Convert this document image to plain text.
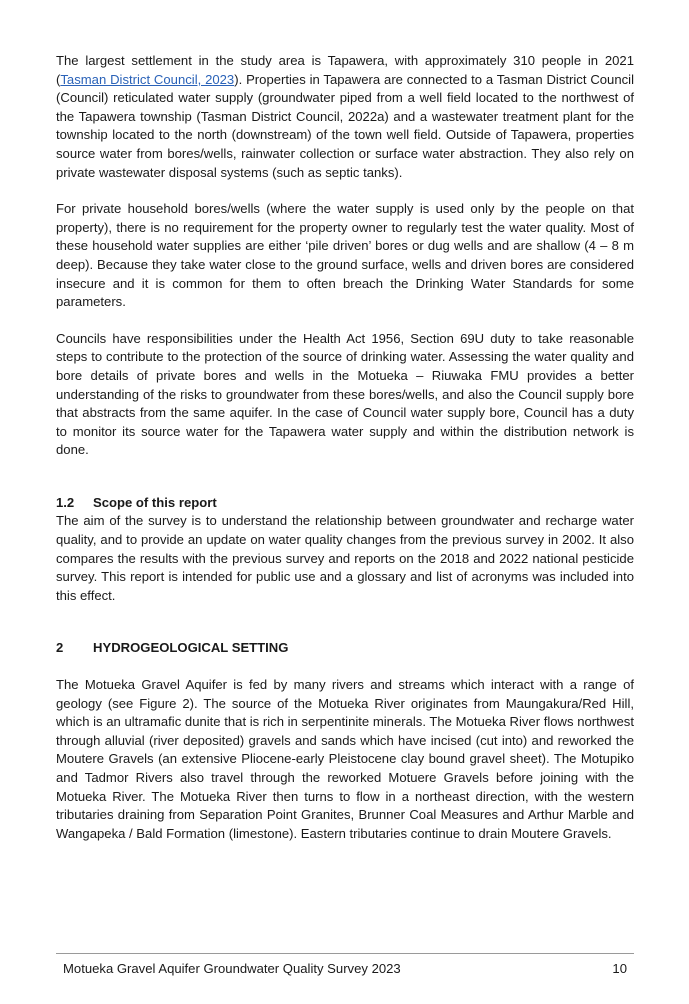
The largest settlement in the study area is Tapawera, with approximately 310 people in 2021 (Tasman District Council, 2023). Properties in Tapawera are connected to a Tasman District Council (Council) reticulated water supply (groundwater piped from a well field located to the northwest of the Tapawera township (Tasman District Council, 2022a) and a wastewater treatment plant for the township located to the north (downstream) of the town well field. Outside of Tapawera, properties source water from bores/wells, rainwater collection or surface water abstraction. They also rely on private wastewater disposal systems (such as septic tanks).

For private household bores/wells (where the water supply is used only by the people on that property), there is no requirement for the property owner to regularly test the water quality. Most of these household water supplies are either ‘pile driven’ bores or dug wells and are shallow (4 – 8 m deep). Because they take water close to the ground surface, wells and driven bores are considered insecure and it is common for them to often breach the Drinking Water Standards for some parameters.

Councils have responsibilities under the Health Act 1956, Section 69U duty to take reasonable steps to contribute to the protection of the source of drinking water. Assessing the water quality and bore details of private bores and wells in the Motueka – Riuwaka FMU provides a better understanding of the risks to groundwater from these bores/wells, and also the Council supply bore that abstracts from the same aquifer. In the case of Council water supply bore, Council has a duty to monitor its source water for the Tapawera water supply and within the distribution network is done.

1.2	Scope of this report

The aim of the survey is to understand the relationship between groundwater and recharge water quality, and to provide an update on water quality changes from the previous survey in 2002. It also compares the results with the previous survey and reports on the 2018 and 2022 national pesticide survey. This report is intended for public use and a glossary and list of acronyms was included into this effect.

2	HYDROGEOLOGICAL SETTING

The Motueka Gravel Aquifer is fed by many rivers and streams which interact with a range of geology (see Figure 2). The source of the Motueka River originates from Maungakura/Red Hill, which is an ultramafic dunite that is rich in serpentinite minerals. The Motueka River flows northwest through alluvial (river deposited) gravels and sands which have incised (cut into) and reworked the Moutere Gravels (an extensive Pliocene-early Pleistocene clay bound gravel sheet). The Motupiko and Tadmor Rivers also travel through the reworked Motuere Gravels before joining with the Motueka River. The Motueka River then turns to flow in a northeast direction, with the western tributaries draining from Separation Point Granites, Brunner Coal Measures and Arthur Marble and Wangapeka / Bald Formation (limestone). Eastern tributaries continue to drain Moutere Gravels.

Motueka Gravel Aquifer Groundwater Quality Survey 2023	10
